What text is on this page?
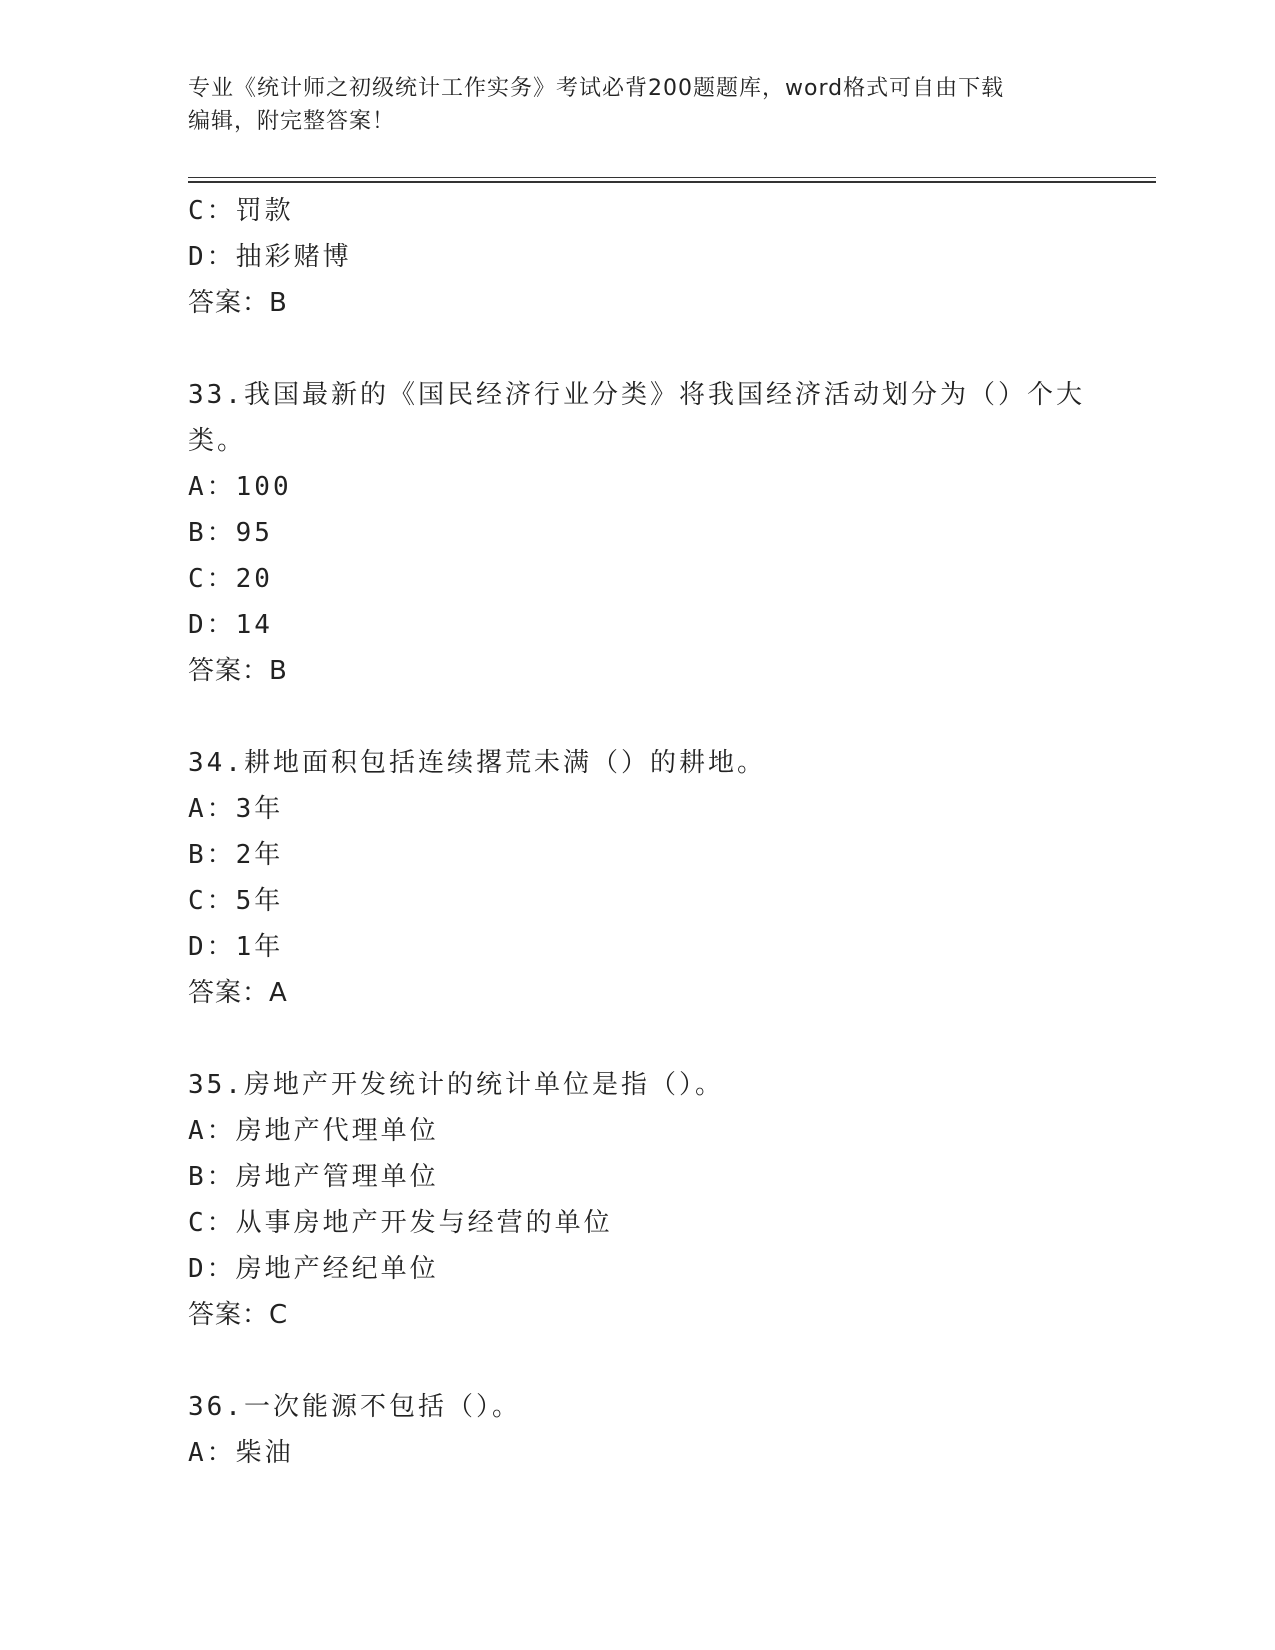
专业《统计师之初级统计工作实务》考试必背200题题库，word格式可自由下载
编辑，附完整答案！
C：罚款
D：抽彩赌博
答案：B
33.我国最新的《国民经济行业分类》将我国经济活动划分为（）个大
类。
A：100
B：95
C：20
D：14
答案：B
34.耕地面积包括连续撂荒未满（）的耕地。
A：3年
B：2年
C：5年
D：1年
答案：A
35.房地产开发统计的统计单位是指（）。
A：房地产代理单位
B：房地产管理单位
C：从事房地产开发与经营的单位
D：房地产经纪单位
答案：C
36.一次能源不包括（）。
A：柴油
